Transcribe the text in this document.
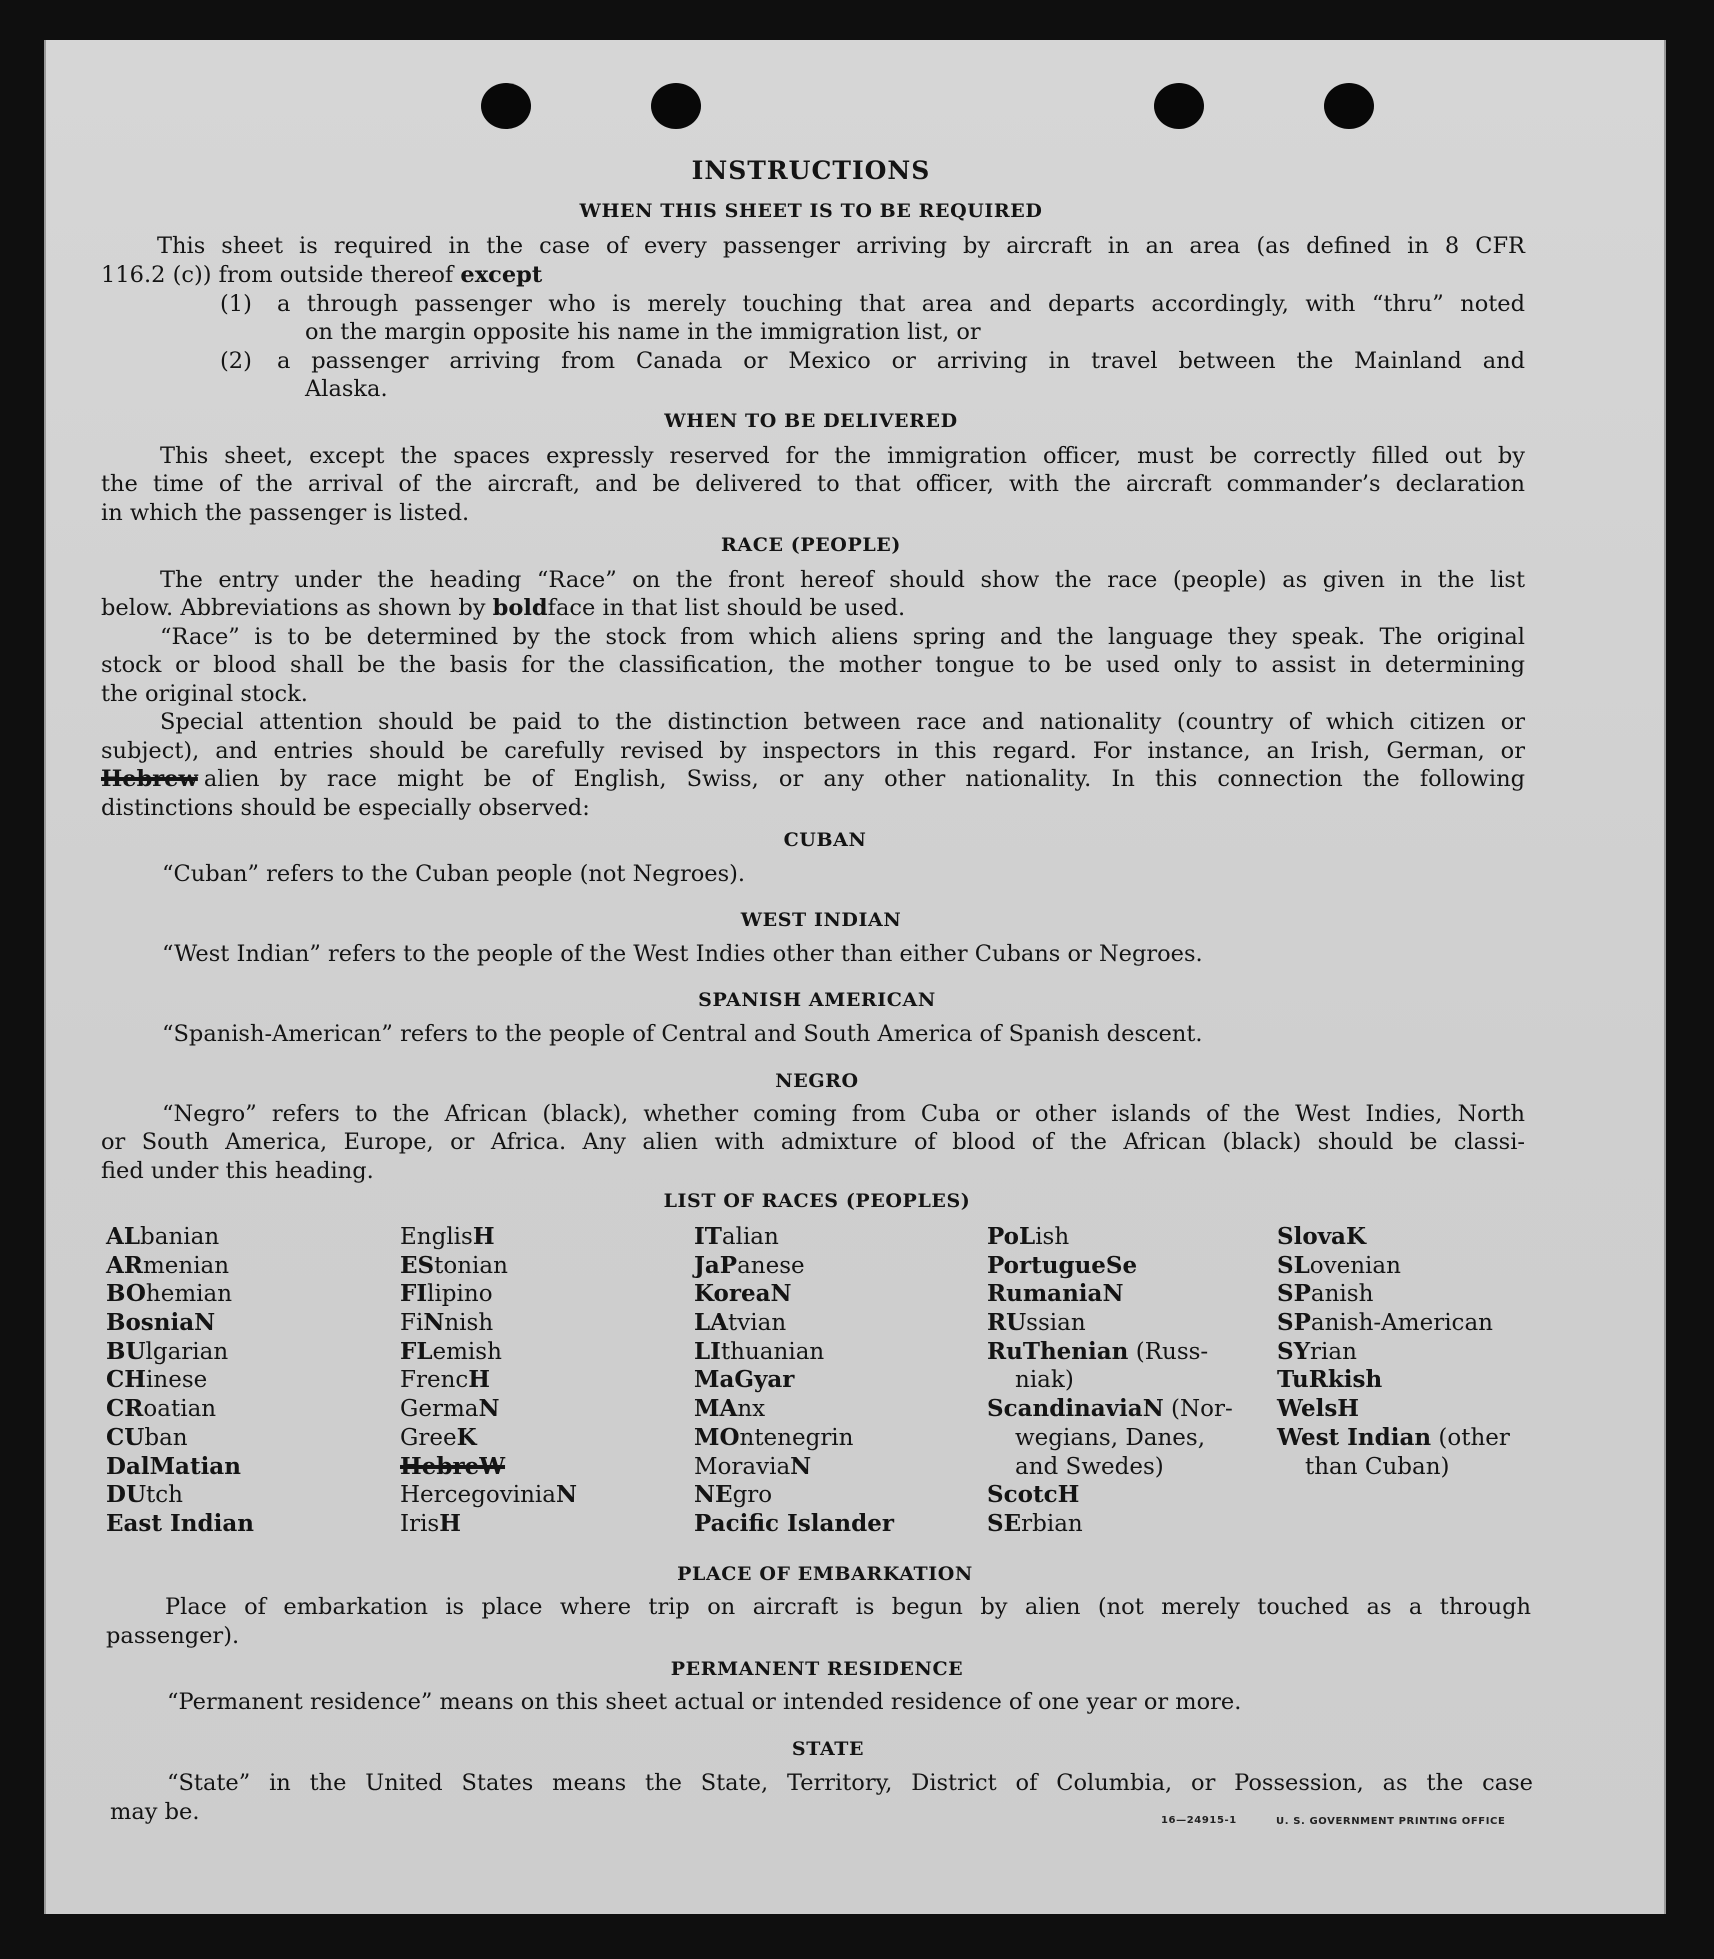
INSTRUCTIONS
WHEN THIS SHEET IS TO BE REQUIRED
This sheet is required in the case of every passenger arriving by aircraft in an area (as defined in 8 CFR
116.2 (c)) from outside thereof except
(1) a through passenger who is merely touching that area and departs accordingly, with “thru” noted
on the margin opposite his name in the immigration list, or
(2) a passenger arriving from Canada or Mexico or arriving in travel between the Mainland and
Alaska.
WHEN TO BE DELIVERED
This sheet, except the spaces expressly reserved for the immigration officer, must be correctly filled out by
the time of the arrival of the aircraft, and be delivered to that officer, with the aircraft commander’s declaration
in which the passenger is listed.
RACE (PEOPLE)
The entry under the heading “Race” on the front hereof should show the race (people) as given in the list
below. Abbreviations as shown by boldface in that list should be used.
“Race” is to be determined by the stock from which aliens spring and the language they speak. The original
stock or blood shall be the basis for the classification, the mother tongue to be used only to assist in determining
the original stock.
Special attention should be paid to the distinction between race and nationality (country of which citizen or
subject), and entries should be carefully revised by inspectors in this regard. For instance, an Irish, German, or
Hebrew alien by race might be of English, Swiss, or any other nationality. In this connection the following
distinctions should be especially observed:
CUBAN
“Cuban” refers to the Cuban people (not Negroes).
WEST INDIAN
“West Indian” refers to the people of the West Indies other than either Cubans or Negroes.
SPANISH AMERICAN
“Spanish-American” refers to the people of Central and South America of Spanish descent.
NEGRO
“Negro” refers to the African (black), whether coming from Cuba or other islands of the West Indies, North
or South America, Europe, or Africa. Any alien with admixture of blood of the African (black) should be classi-
fied under this heading.
LIST OF RACES (PEOPLES)
ALbanian
ARmenian
BOhemian
BosniaN
BUlgarian
CHinese
CRoatian
CUban
DalMatian
DUtch
East Indian
EnglisH
EStonian
FIlipino
FiNnish
FLemish
FrencH
GermaN
GreeK
HebreW
HercegoviniaN
IrisH
ITalian
JaPanese
KoreaN
LAtvian
LIthuanian
MaGyar
MAnx
MOntenegrin
MoraviaN
NEgro
Pacific Islander
PoLish
PortugueSe
RumaniaN
RUssian
RuThenian (Russ-
niak)
ScandinaviaN (Nor-
wegians, Danes,
and Swedes)
ScotcH
SErbian
SlovaK
SLovenian
SPanish
SPanish-American
SYrian
TuRkish
WelsH
West Indian (other
than Cuban)
PLACE OF EMBARKATION
Place of embarkation is place where trip on aircraft is begun by alien (not merely touched as a through
passenger).
PERMANENT RESIDENCE
“Permanent residence” means on this sheet actual or intended residence of one year or more.
STATE
“State” in the United States means the State, Territory, District of Columbia, or Possession, as the case
may be.	16—24915-1	U. S. GOVERNMENT PRINTING OFFICE
